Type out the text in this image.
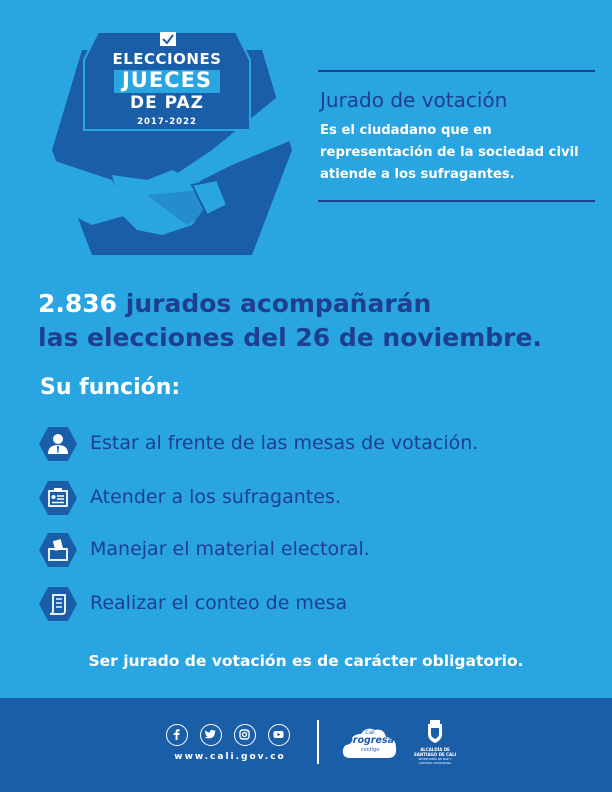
ELECCIONES
JUECES
DE PAZ
2017-2022
Jurado de votación
Es el ciudadano que en representación de la sociedad civil atiende a los sufragantes.
2.836 jurados acompañarán
las elecciones del 26 de noviembre.
Su función:
Estar al frente de las mesas de votación.
Atender a los sufragantes.
Manejar el material electoral.
Realizar el conteo de mesa
Ser jurado de votación es de carácter obligatorio.
www.cali.gov.co
Cali
progresa
contigo	ALCALDÍA DE
SANTIAGO DE CALI
SECRETARÍA DE PAZ Y CULTURA CIUDADANA
